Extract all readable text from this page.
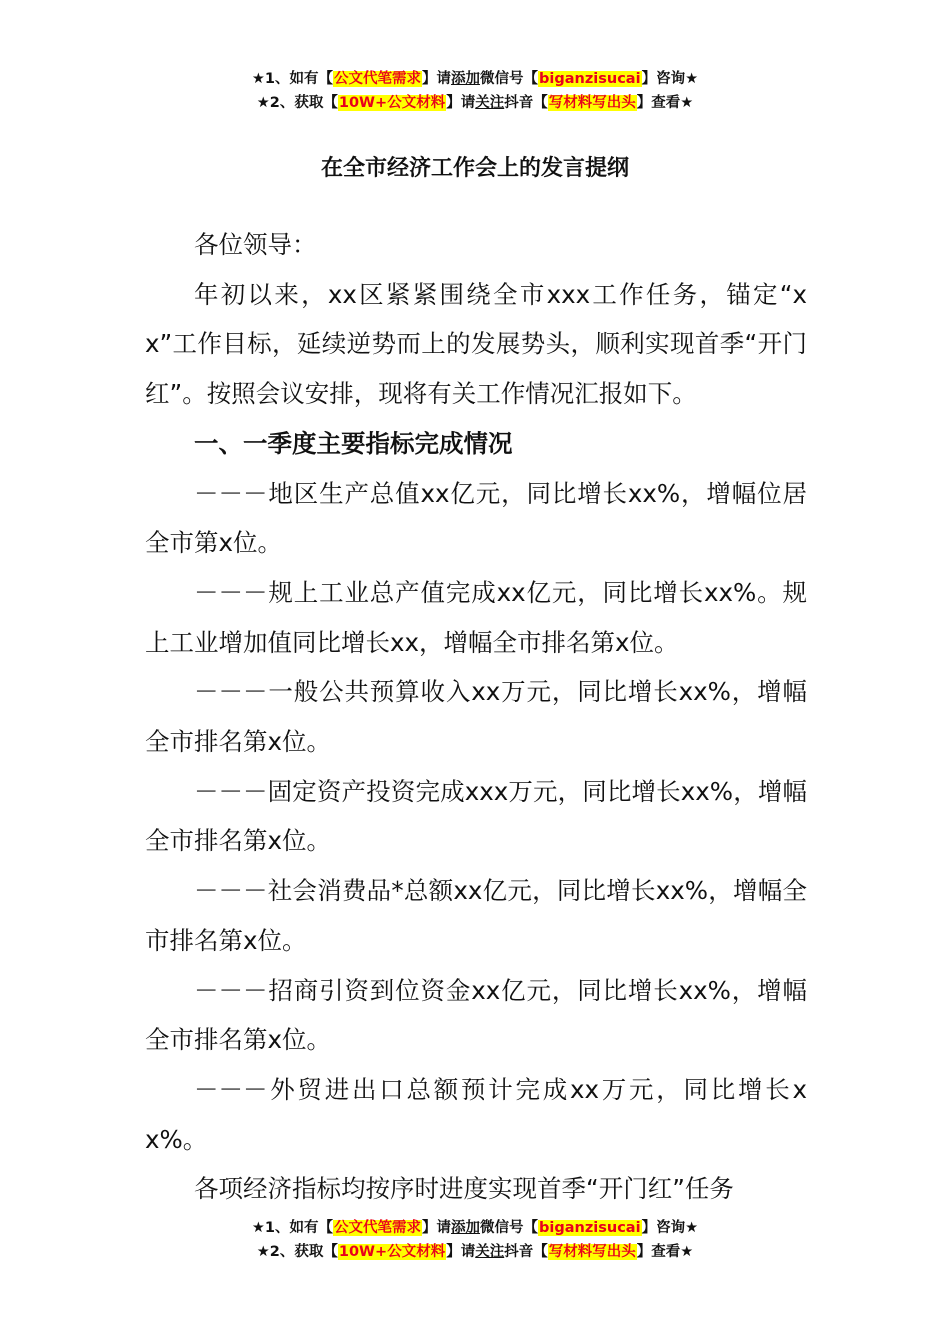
★1、如有【公文代笔需求】请添加微信号【biganzisucai】咨询★
★2、获取【10W+公文材料】请关注抖音【写材料写出头】查看★
在全市经济工作会上的发言提纲

各位领导：

年初以来，xx区紧紧围绕全市xxx工作任务，锚定“xx”工作目标，延续逆势而上的发展势头，顺利实现首季“开门红”。按照会议安排，现将有关工作情况汇报如下。

一、一季度主要指标完成情况

－－－地区生产总值xx亿元，同比增长xx%，增幅位居全市第x位。

－－－规上工业总产值完成xx亿元，同比增长xx%。规上工业增加值同比增长xx，增幅全市排名第x位。

－－－一般公共预算收入xx万元，同比增长xx%，增幅全市排名第x位。

－－－固定资产投资完成xxx万元，同比增长xx%，增幅全市排名第x位。

－－－社会消费品*总额xx亿元，同比增长xx%，增幅全市排名第x位。

－－－招商引资到位资金xx亿元，同比增长xx%，增幅全市排名第x位。

－－－外贸进出口总额预计完成xx万元，同比增长xx%。

各项经济指标均按序时进度实现首季“开门红”任务

★1、如有【公文代笔需求】请添加微信号【biganzisucai】咨询★
★2、获取【10W+公文材料】请关注抖音【写材料写出头】查看★
